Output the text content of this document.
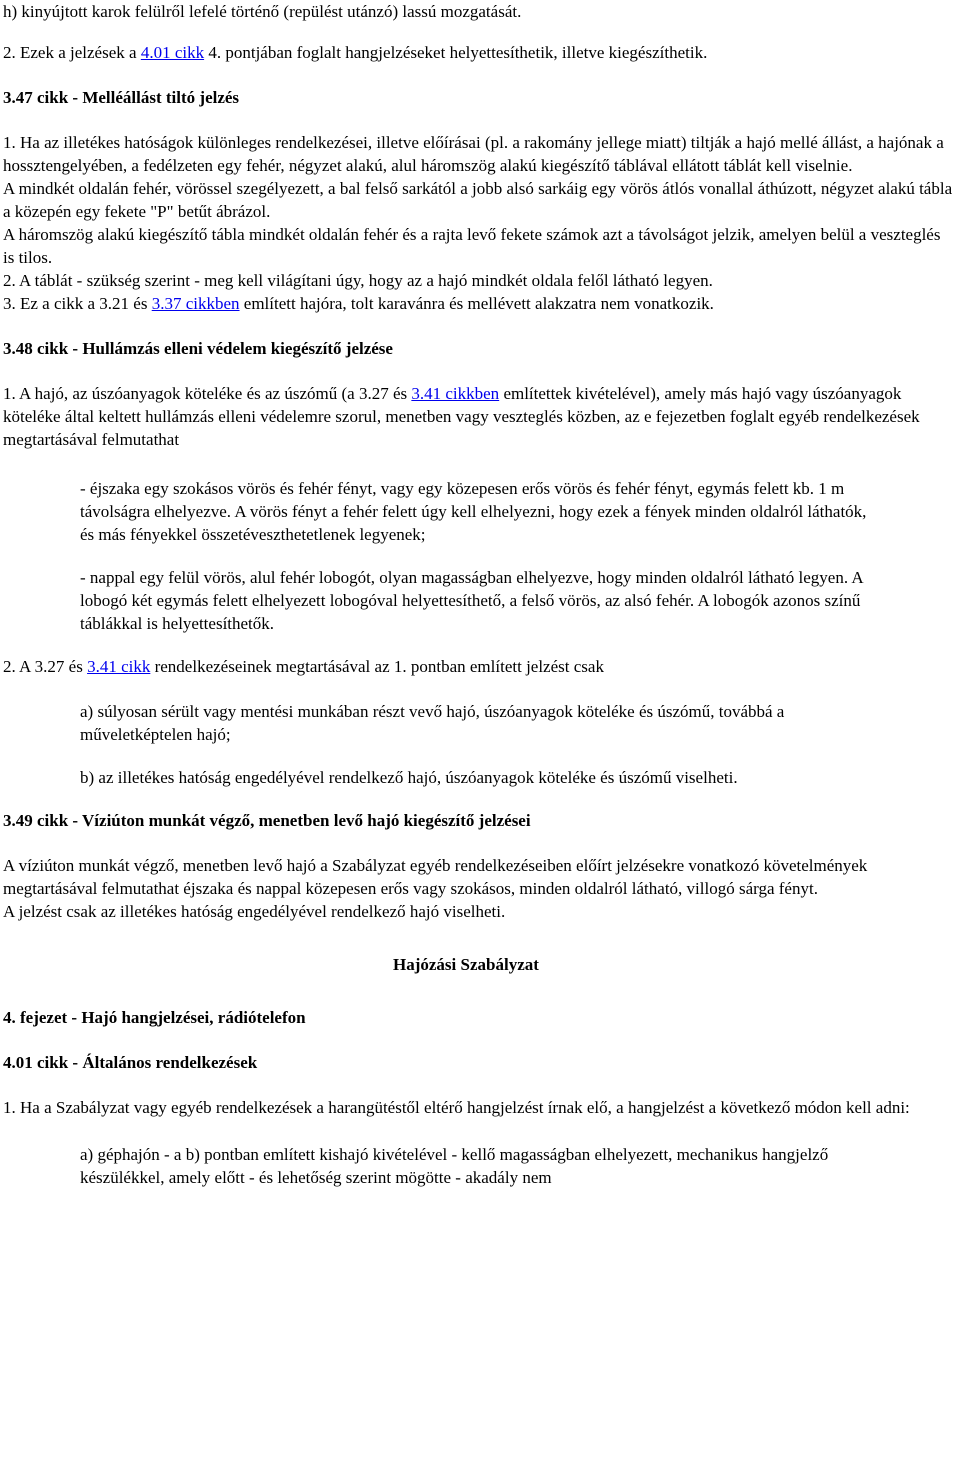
h) kinyújtott karok felülről lefelé történő (repülést utánzó) lassú mozgatását.

2. Ezek a jelzések a 4.01 cikk 4. pontjában foglalt hangjelzéseket helyettesíthetik, illetve kiegészíthetik.

3.47 cikk - Melléállást tiltó jelzés

1. Ha az illetékes hatóságok különleges rendelkezései, illetve előírásai (pl. a rakomány jellege miatt) tiltják a hajó mellé állást, a hajónak a hossztengelyében, a fedélzeten egy fehér, négyzet alakú, alul háromszög alakú kiegészítő táblával ellátott táblát kell viselnie.

A mindkét oldalán fehér, vörössel szegélyezett, a bal felső sarkától a jobb alsó sarkáig egy vörös átlós vonallal áthúzott, négyzet alakú tábla a közepén egy fekete "P" betűt ábrázol.

A háromszög alakú kiegészítő tábla mindkét oldalán fehér és a rajta levő fekete számok azt a távolságot jelzik, amelyen belül a veszteglés is tilos.

2. A táblát - szükség szerint - meg kell világítani úgy, hogy az a hajó mindkét oldala felől látható legyen.

3. Ez a cikk a 3.21 és 3.37 cikkben említett hajóra, tolt karavánra és mellévett alakzatra nem vonatkozik.

3.48 cikk - Hullámzás elleni védelem kiegészítő jelzése

1. A hajó, az úszóanyagok köteléke és az úszómű (a 3.27 és 3.41 cikkben említettek kivételével), amely más hajó vagy úszóanyagok köteléke által keltett hullámzás elleni védelemre szorul, menetben vagy veszteglés közben, az e fejezetben foglalt egyéb rendelkezések megtartásával felmutathat

- éjszaka egy szokásos vörös és fehér fényt, vagy egy közepesen erős vörös és fehér fényt, egymás felett kb. 1 m távolságra elhelyezve. A vörös fényt a fehér felett úgy kell elhelyezni, hogy ezek a fények minden oldalról láthatók, és más fényekkel összetéveszthetetlenek legyenek;

- nappal egy felül vörös, alul fehér lobogót, olyan magasságban elhelyezve, hogy minden oldalról látható legyen. A lobogó két egymás felett elhelyezett lobogóval helyettesíthető, a felső vörös, az alsó fehér. A lobogók azonos színű táblákkal is helyettesíthetők.

2. A 3.27 és 3.41 cikk rendelkezéseinek megtartásával az 1. pontban említett jelzést csak

a) súlyosan sérült vagy mentési munkában részt vevő hajó, úszóanyagok köteléke és úszómű, továbbá a műveletképtelen hajó;

b) az illetékes hatóság engedélyével rendelkező hajó, úszóanyagok köteléke és úszómű viselheti.

3.49 cikk - Víziúton munkát végző, menetben levő hajó kiegészítő jelzései

A víziúton munkát végző, menetben levő hajó a Szabályzat egyéb rendelkezéseiben előírt jelzésekre vonatkozó követelmények megtartásával felmutathat éjszaka és nappal közepesen erős vagy szokásos, minden oldalról látható, villogó sárga fényt.

A jelzést csak az illetékes hatóság engedélyével rendelkező hajó viselheti.

Hajózási Szabályzat

4. fejezet - Hajó hangjelzései, rádiótelefon

4.01 cikk - Általános rendelkezések

1. Ha a Szabályzat vagy egyéb rendelkezések a harangütéstől eltérő hangjelzést írnak elő, a hangjelzést a következő módon kell adni:

a) géphajón - a b) pontban említett kishajó kivételével - kellő magasságban elhelyezett, mechanikus hangjelző készülékkel, amely előtt - és lehetőség szerint mögötte - akadály nem
